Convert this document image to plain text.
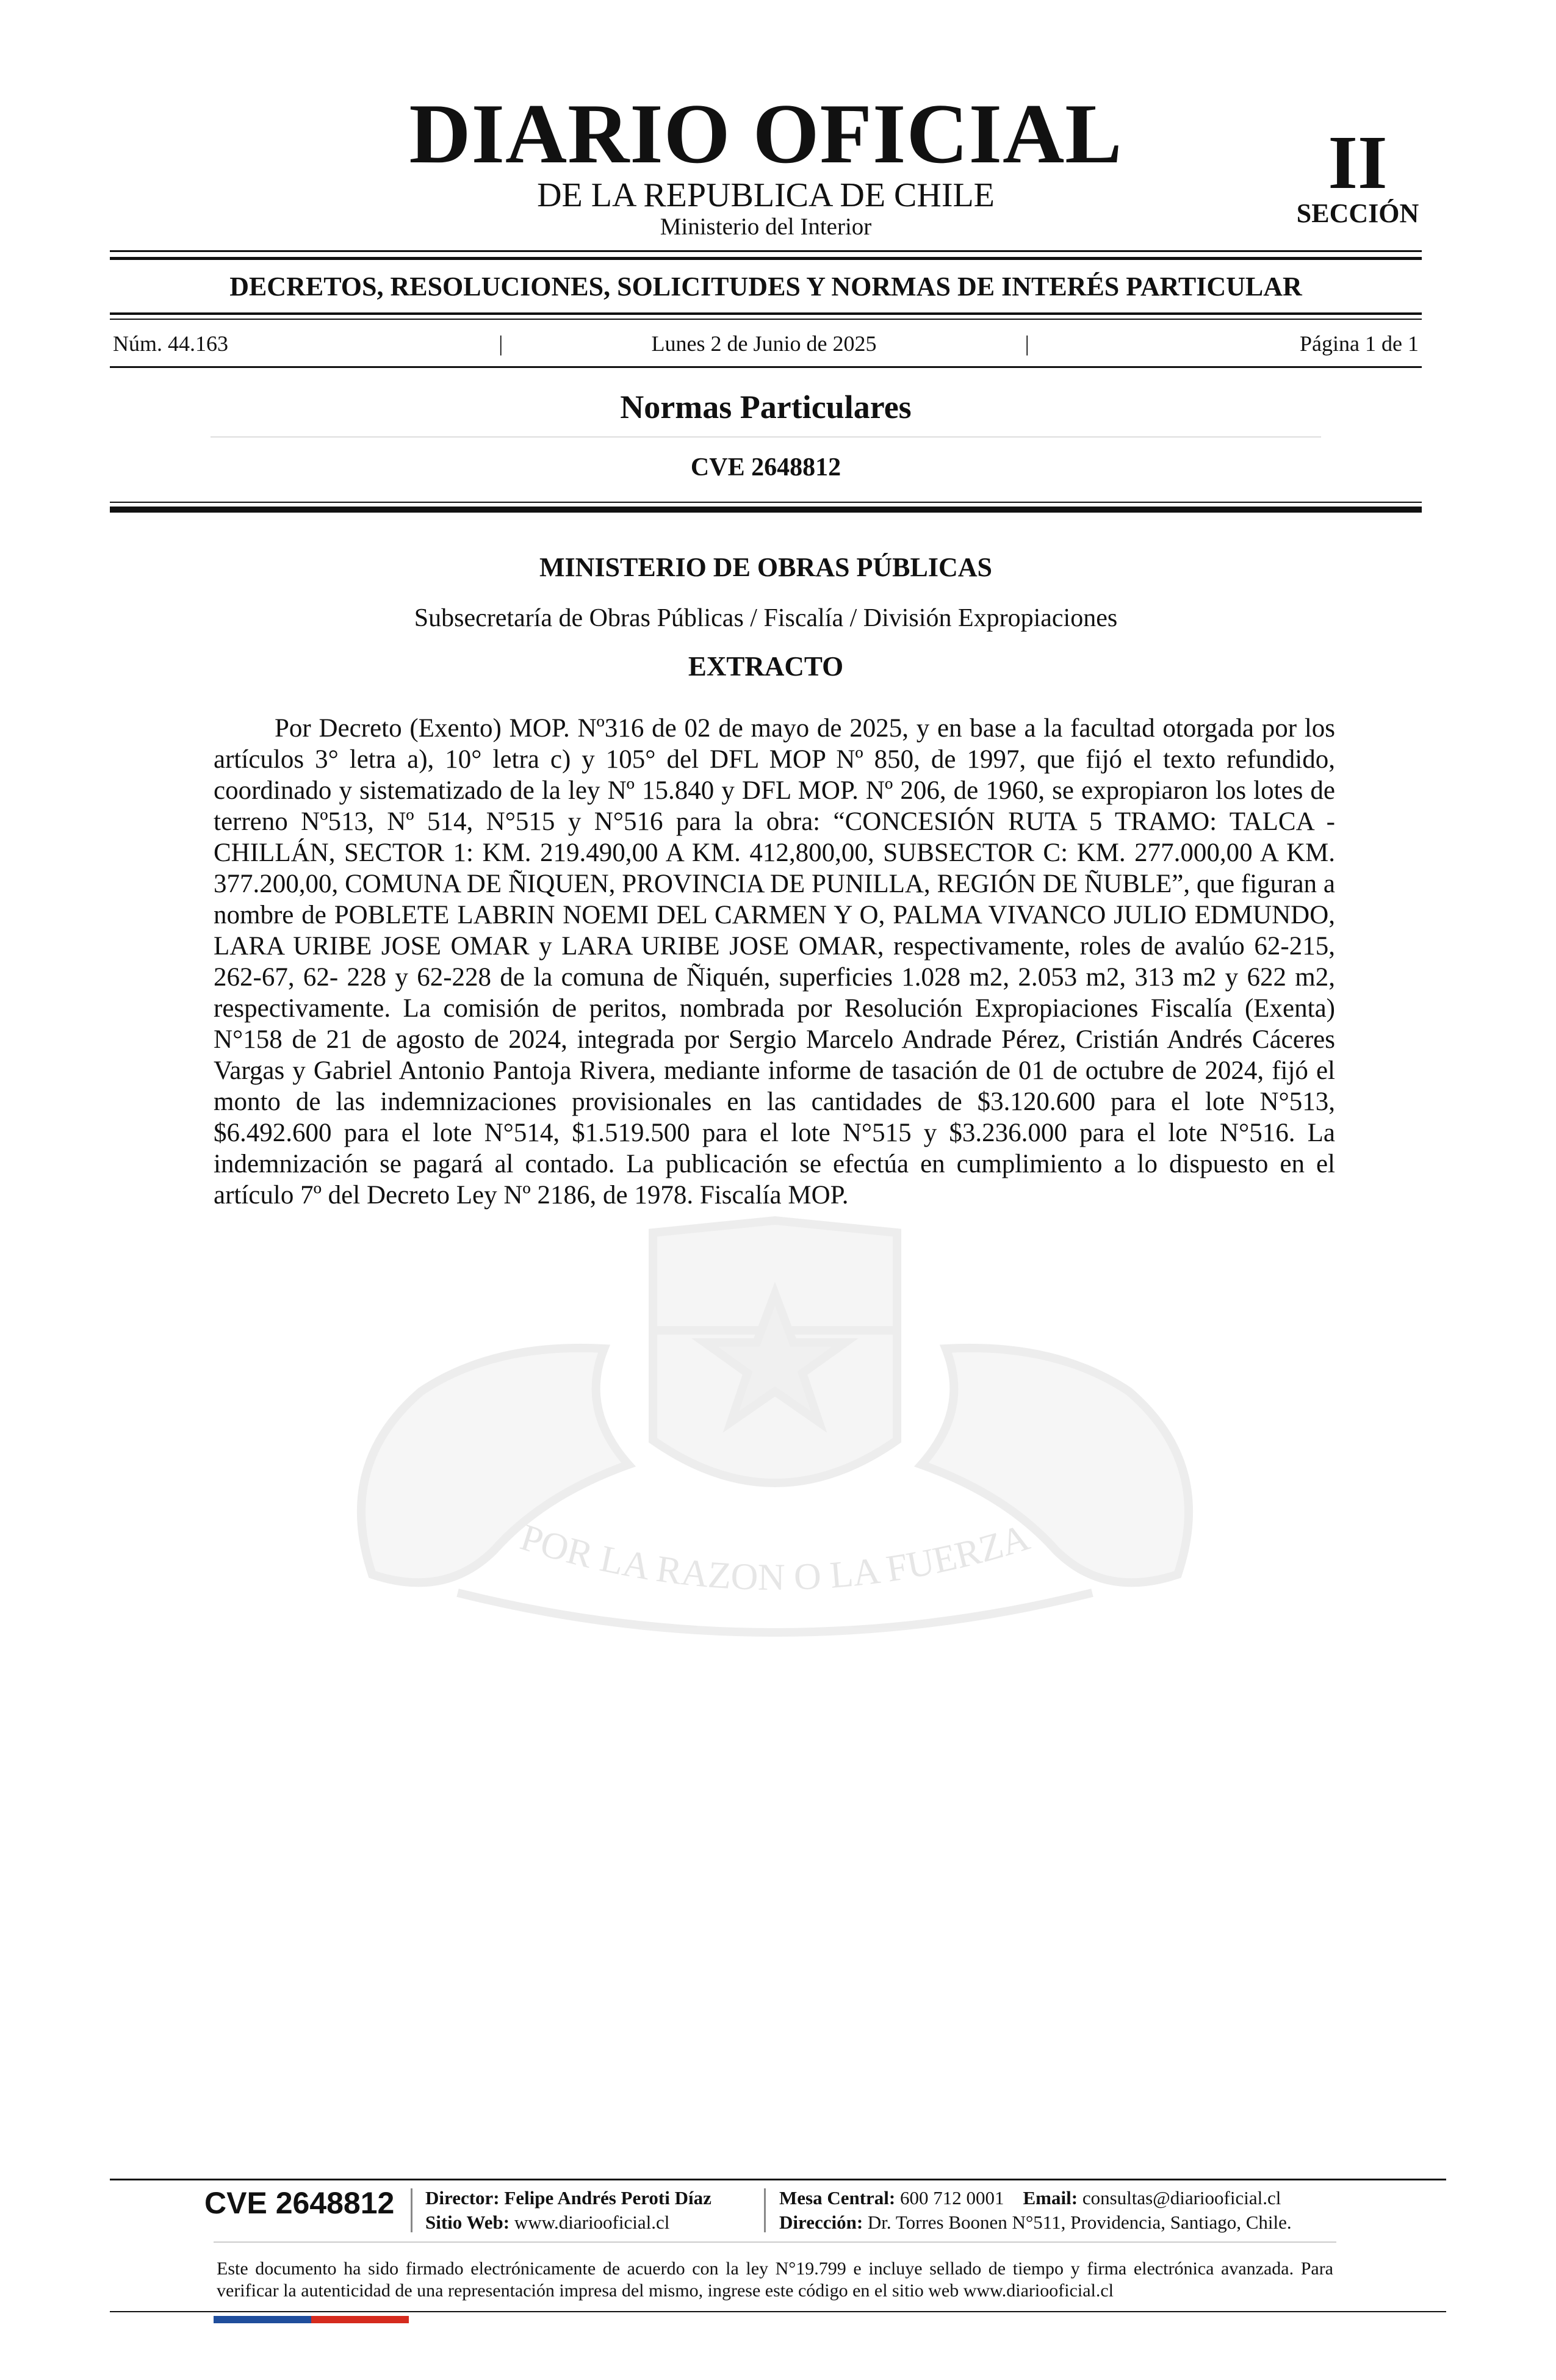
DIARIO OFICIAL
DE LA REPUBLICA DE CHILE
Ministerio del Interior
II
SECCIÓN
DECRETOS, RESOLUCIONES, SOLICITUDES Y NORMAS DE INTERÉS PARTICULAR
Núm. 44.163	|	Lunes 2 de Junio de 2025	|	Página 1 de 1
Normas Particulares
CVE 2648812
POR LA RAZON O LA FUERZA
MINISTERIO DE OBRAS PÚBLICAS
Subsecretaría de Obras Públicas / Fiscalía / División Expropiaciones
EXTRACTO
Por Decreto (Exento) MOP. Nº316 de 02 de mayo de 2025, y en base a la facultad otorgada por los artículos 3° letra a), 10° letra c) y 105° del DFL MOP Nº 850, de 1997, que fijó el texto refundido, coordinado y sistematizado de la ley Nº 15.840 y DFL MOP. Nº 206, de 1960, se expropiaron los lotes de terreno Nº513, Nº 514, N°515 y N°516 para la obra: “CONCESIÓN RUTA 5 TRAMO: TALCA - CHILLÁN, SECTOR 1: KM. 219.490,00 A KM. 412,800,00, SUBSECTOR C: KM. 277.000,00 A KM. 377.200,00, COMUNA DE ÑIQUEN, PROVINCIA DE PUNILLA, REGIÓN DE ÑUBLE”, que figuran a nombre de POBLETE LABRIN NOEMI DEL CARMEN Y O, PALMA VIVANCO JULIO EDMUNDO, LARA URIBE JOSE OMAR y LARA URIBE JOSE OMAR, respectivamente, roles de avalúo 62-215, 262-67, 62- 228 y 62-228 de la comuna de Ñiquén, superficies 1.028 m2, 2.053 m2, 313 m2 y 622 m2, respectivamente. La comisión de peritos, nombrada por Resolución Expropiaciones Fiscalía (Exenta) N°158 de 21 de agosto de 2024, integrada por Sergio Marcelo Andrade Pérez, Cristián Andrés Cáceres Vargas y Gabriel Antonio Pantoja Rivera, mediante informe de tasación de 01 de octubre de 2024, fijó el monto de las indemnizaciones provisionales en las cantidades de $3.120.600 para el lote N°513, $6.492.600 para el lote N°514, $1.519.500 para el lote N°515 y $3.236.000 para el lote N°516. La indemnización se pagará al contado. La publicación se efectúa en cumplimiento a lo dispuesto en el artículo 7º del Decreto Ley Nº 2186, de 1978. Fiscalía MOP.
CVE 2648812 Director: Felipe Andrés Peroti Díaz
Sitio Web: www.diariooficial.cl
Mesa Central: 600 712 0001 Email: consultas@diariooficial.cl
Dirección: Dr. Torres Boonen N°511, Providencia, Santiago, Chile.
Este documento ha sido firmado electrónicamente de acuerdo con la ley N°19.799 e incluye sellado de tiempo y firma electrónica avanzada. Para verificar la autenticidad de una representación impresa del mismo, ingrese este código en el sitio web www.diariooficial.cl
